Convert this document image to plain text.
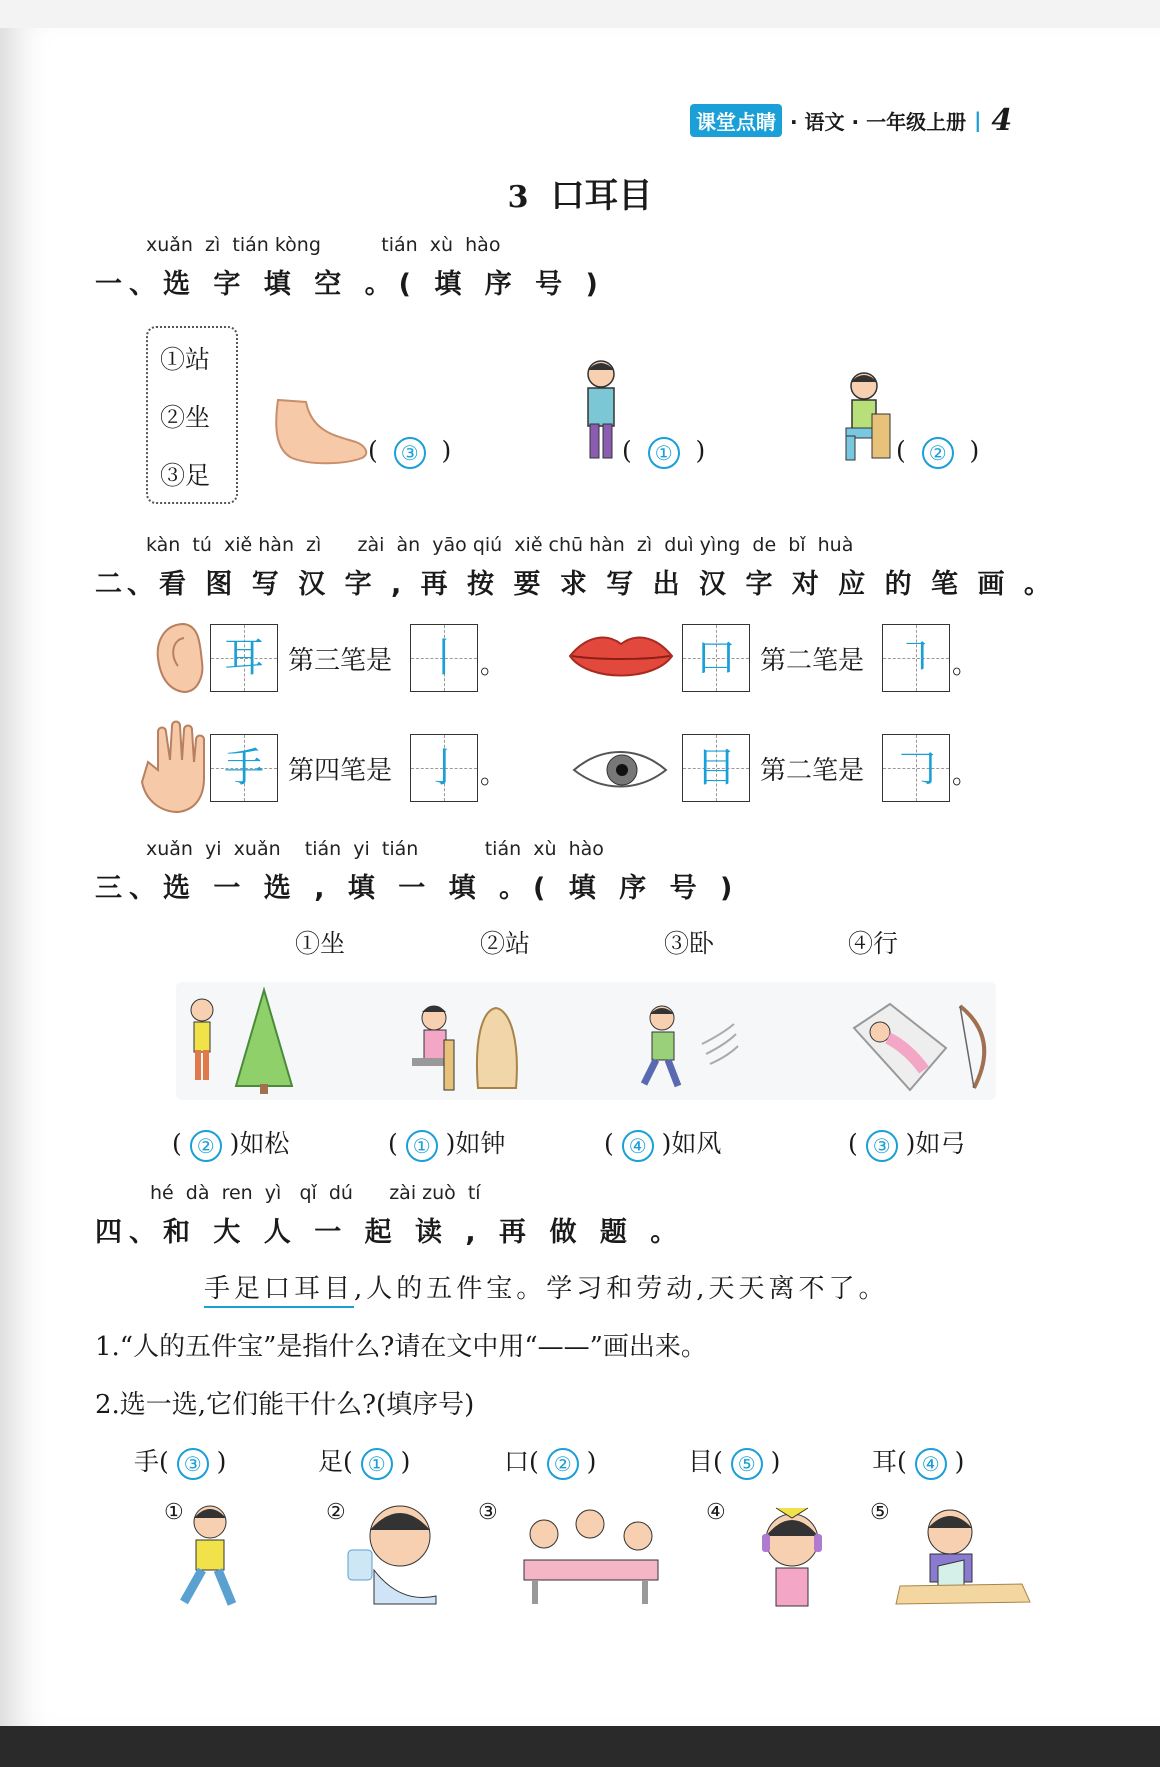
课堂点睛 · 语文 · 一年级上册 | 4
3 口耳目
xuǎn  zì  tián kòng          tián  xù  hào
一、选 字 填 空 。( 填 序 号 )
①站
②坐
③足
(  ③  )	(  ①  )	(  ②  )
kàn  tú  xiě hàn  zì      zài  àn  yāo qiú  xiě chū hàn  zì  duì yìng  de  bǐ  huà
二、看 图 写 汉 字 , 再 按 要 求 写 出 汉 字 对 应 的 笔 画 。
耳 第三笔是 丨 。	口 第二笔是 ㇕ 。
手 第四笔是 亅 。	目 第二笔是 𠃌 。
xuǎn  yi  xuǎn    tián  yi  tián           tián  xù  hào
三、选 一 选 , 填 一 填 。( 填 序 号 )
①坐	②站	③卧	④行
( ② )如松	( ① )如钟	( ④ )如风	( ③ )如弓
hé  dà  ren  yì   qǐ  dú      zài zuò  tí
四、和 大 人 一 起 读 , 再 做 题 。
手足口耳目,人的五件宝。学习和劳动,天天离不了。
1.“人的五件宝”是指什么?请在文中用“——”画出来。
2.选一选,它们能干什么?(填序号)
手( ③ )	足( ① )	口( ② )	目( ⑤ )	耳( ④ )
①	②	③	④	⑤
